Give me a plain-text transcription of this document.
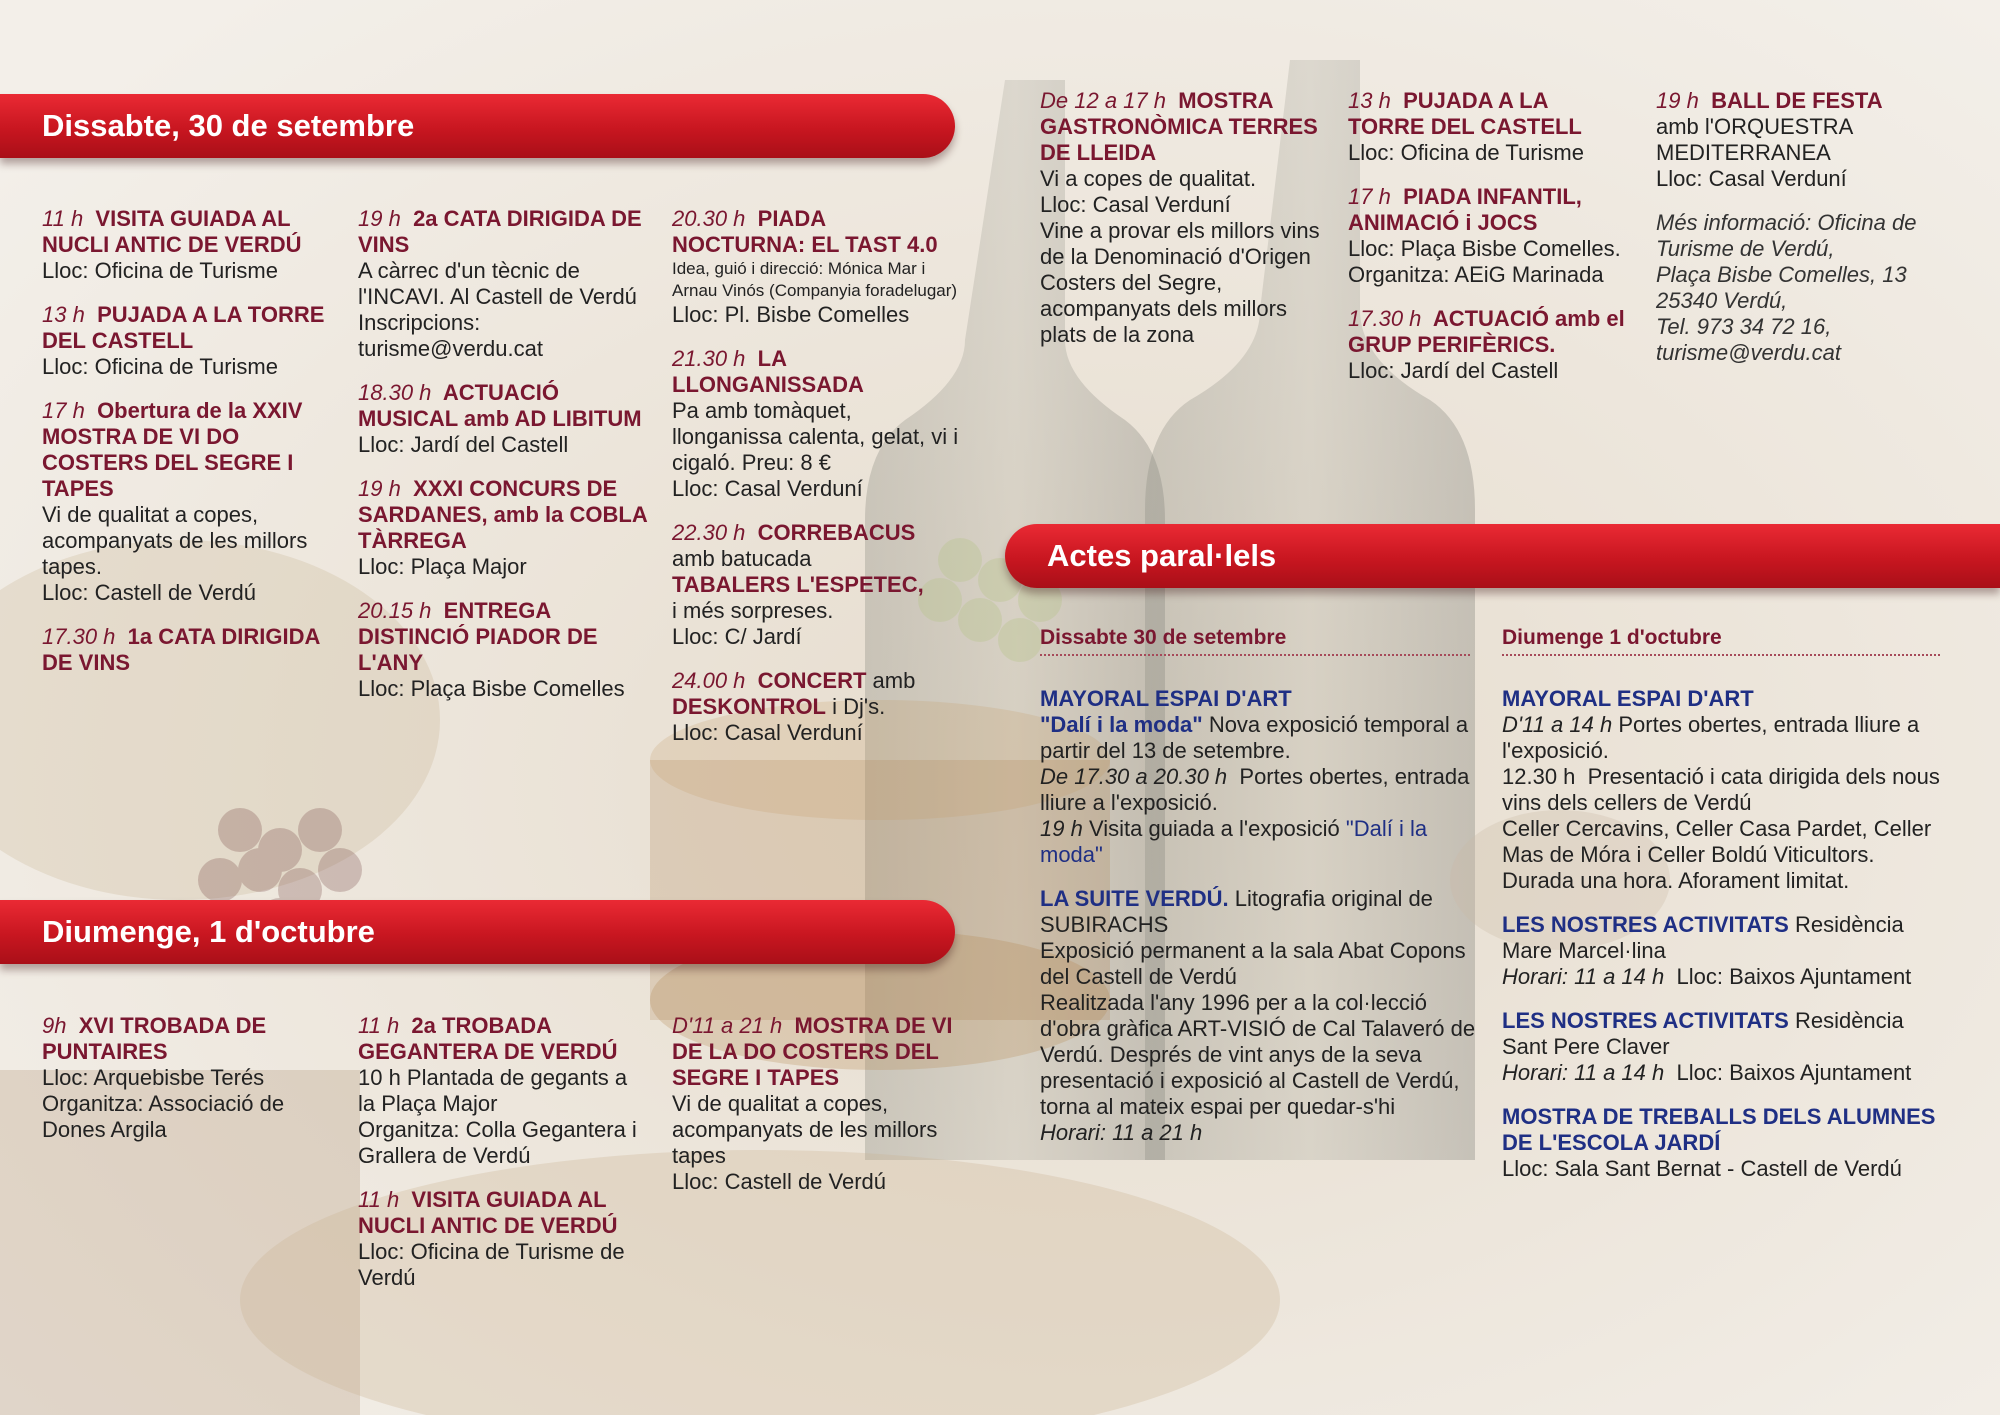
Dissabte, 30 de setembre
11 h VISITA GUIADA AL NUCLI ANTIC DE VERDÚ
Lloc: Oficina de Turisme
13 h PUJADA A LA TORRE DEL CASTELL
Lloc: Oficina de Turisme
17 h Obertura de la XXIV MOSTRA DE VI DO COSTERS DEL SEGRE I TAPES
Vi de qualitat a copes, acompanyats de les millors tapes.
Lloc: Castell de Verdú
17.30 h 1a CATA DIRIGIDA DE VINS
19 h 2a CATA DIRIGIDA DE VINS
A càrrec d'un tècnic de l'INCAVI. Al Castell de Verdú
Inscripcions: turisme@verdu.cat
18.30 h ACTUACIÓ MUSICAL amb AD LIBITUM
Lloc: Jardí del Castell
19 h XXXI CONCURS DE SARDANES, amb la COBLA TÀRREGA
Lloc: Plaça Major
20.15 h ENTREGA DISTINCIÓ PIADOR DE L'ANY
Lloc: Plaça Bisbe Comelles
20.30 h PIADA NOCTURNA: EL TAST 4.0
Idea, guió i direcció: Mónica Mar i Arnau Vinós (Companyia foradelugar)
Lloc: Pl. Bisbe Comelles
21.30 h LA LLONGANISSADA
Pa amb tomàquet, llonganissa calenta, gelat, vi i cigaló. Preu: 8 €
Lloc: Casal Verduní
22.30 h CORREBACUS
amb batucada
TABALERS L'ESPETEC,
i més sorpreses.
Lloc: C/ Jardí
24.00 h CONCERT amb
DESKONTROL i Dj's.
Lloc: Casal Verduní
Diumenge, 1 d'octubre
9h XVI TROBADA DE PUNTAIRES
Lloc: Arquebisbe Terés
Organitza: Associació de Dones Argila
11 h 2a TROBADA GEGANTERA DE VERDÚ
10 h Plantada de gegants a la Plaça Major
Organitza: Colla Gegantera i Grallera de Verdú
11 h VISITA GUIADA AL NUCLI ANTIC DE VERDÚ
Lloc: Oficina de Turisme de Verdú
D'11 a 21 h MOSTRA DE VI DE LA DO COSTERS DEL SEGRE I TAPES
Vi de qualitat a copes, acompanyats de les millors tapes
Lloc: Castell de Verdú
De 12 a 17 h MOSTRA GASTRONÒMICA TERRES DE LLEIDA
Vi a copes de qualitat.
Lloc: Casal Verduní
Vine a provar els millors vins de la Denominació d'Origen Costers del Segre, acompanyats dels millors plats de la zona
13 h PUJADA A LA TORRE DEL CASTELL
Lloc: Oficina de Turisme
17 h PIADA INFANTIL, ANIMACIÓ i JOCS
Lloc: Plaça Bisbe Comelles.
Organitza: AEiG Marinada
17.30 h ACTUACIÓ amb el GRUP PERIFÈRICS.
Lloc: Jardí del Castell
19 h BALL DE FESTA
amb l'ORQUESTRA MEDITERRANEA
Lloc: Casal Verduní
Més informació: Oficina de Turisme de Verdú,
Plaça Bisbe Comelles, 13
25340 Verdú,
Tel. 973 34 72 16,
turisme@verdu.cat
Actes paral·lels
Dissabte 30 de setembre	Diumenge 1 d'octubre
MAYORAL ESPAI D'ART
"Dalí i la moda" Nova exposició temporal a partir del 13 de setembre.
De 17.30 a 20.30 h Portes obertes, entrada lliure a l'exposició.
19 h Visita guiada a l'exposició "Dalí i la moda"
LA SUITE VERDÚ. Litografia original de SUBIRACHS
Exposició permanent a la sala Abat Copons del Castell de Verdú
Realitzada l'any 1996 per a la col·lecció d'obra gràfica ART-VISIÓ de Cal Talaveró de Verdú. Després de vint anys de la seva presentació i exposició al Castell de Verdú, torna al mateix espai per quedar-s'hi
Horari: 11 a 21 h
MAYORAL ESPAI D'ART
D'11 a 14 h Portes obertes, entrada lliure a l'exposició.
12.30 h Presentació i cata dirigida dels nous vins dels cellers de Verdú
Celler Cercavins, Celler Casa Pardet, Celler Mas de Móra i Celler Boldú Viticultors.
Durada una hora. Aforament limitat.
LES NOSTRES ACTIVITATS Residència Mare Marcel·lina
Horari: 11 a 14 h Lloc: Baixos Ajuntament
LES NOSTRES ACTIVITATS Residència Sant Pere Claver
Horari: 11 a 14 h Lloc: Baixos Ajuntament
MOSTRA DE TREBALLS DELS ALUMNES DE L'ESCOLA JARDÍ
Lloc: Sala Sant Bernat - Castell de Verdú
